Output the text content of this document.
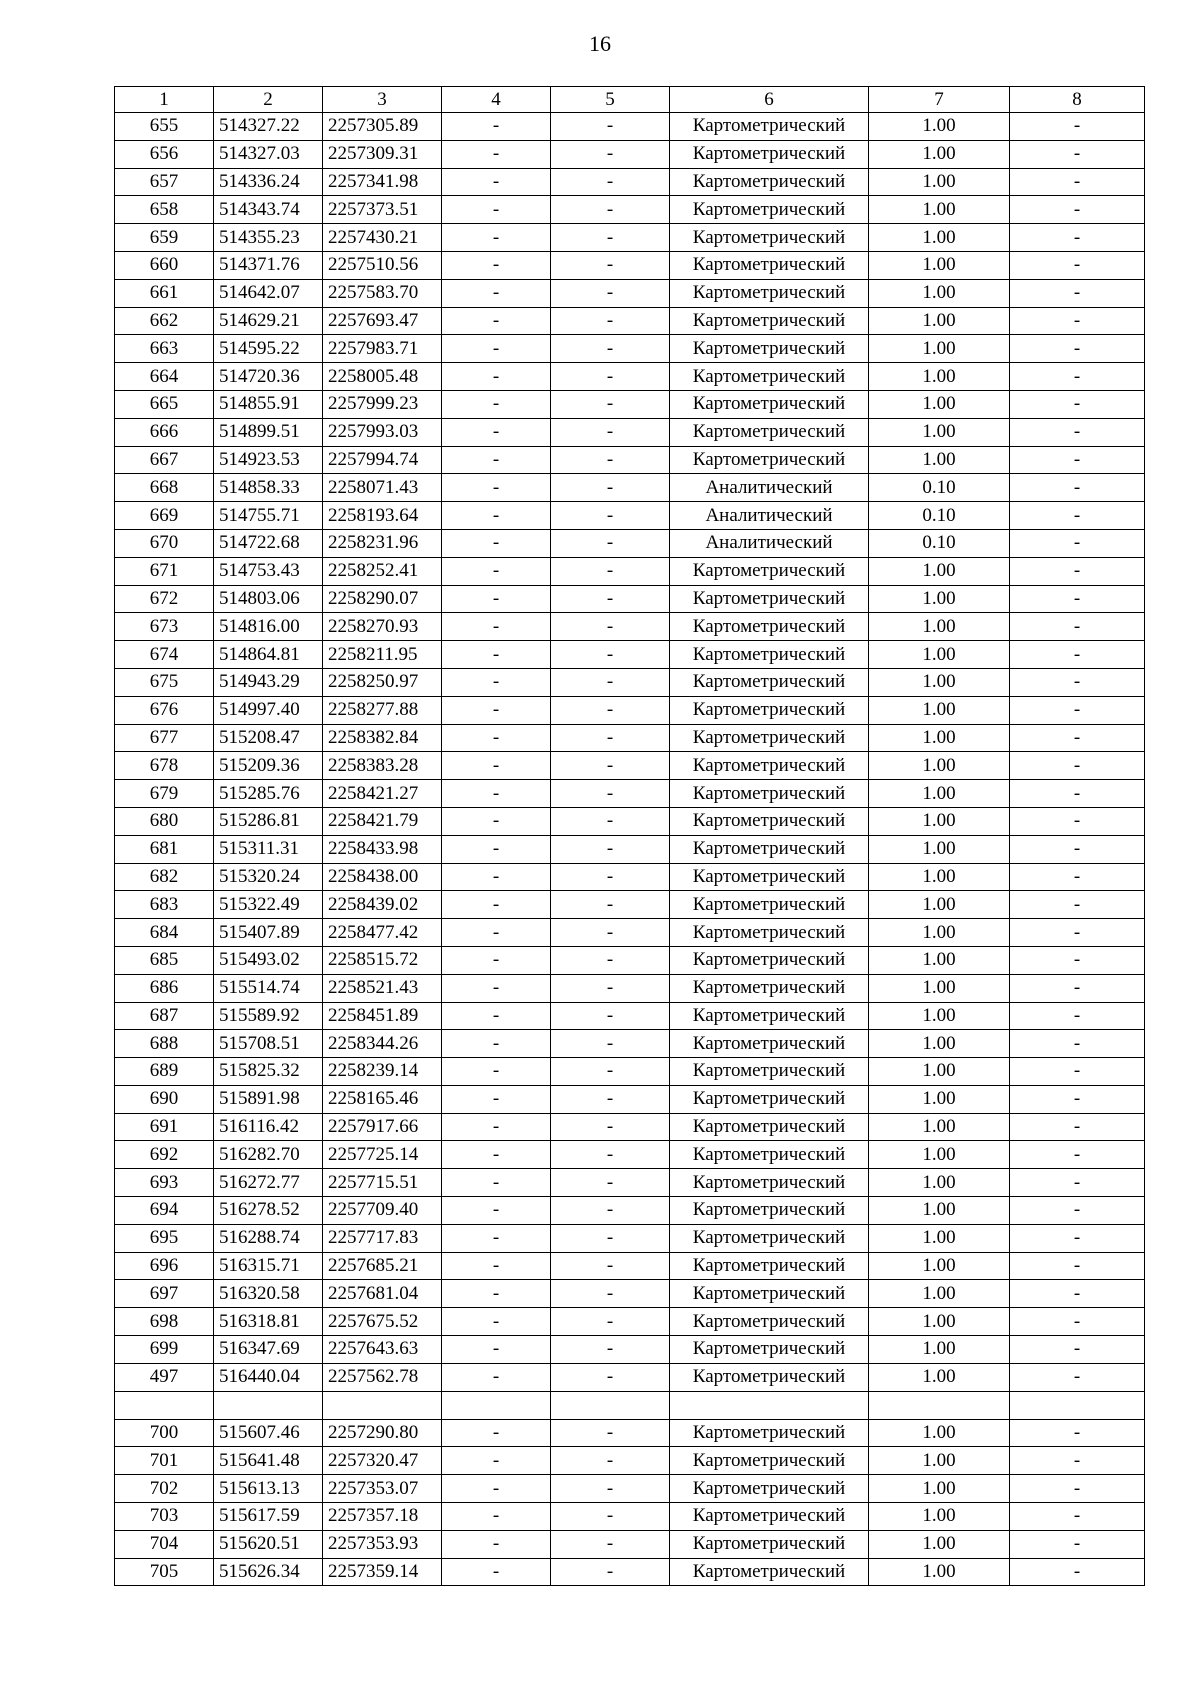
16
1	2	3	4	5	6	7	8
655	514327.22	2257305.89	-	-	Картометрический	1.00	-
656	514327.03	2257309.31	-	-	Картометрический	1.00	-
657	514336.24	2257341.98	-	-	Картометрический	1.00	-
658	514343.74	2257373.51	-	-	Картометрический	1.00	-
659	514355.23	2257430.21	-	-	Картометрический	1.00	-
660	514371.76	2257510.56	-	-	Картометрический	1.00	-
661	514642.07	2257583.70	-	-	Картометрический	1.00	-
662	514629.21	2257693.47	-	-	Картометрический	1.00	-
663	514595.22	2257983.71	-	-	Картометрический	1.00	-
664	514720.36	2258005.48	-	-	Картометрический	1.00	-
665	514855.91	2257999.23	-	-	Картометрический	1.00	-
666	514899.51	2257993.03	-	-	Картометрический	1.00	-
667	514923.53	2257994.74	-	-	Картометрический	1.00	-
668	514858.33	2258071.43	-	-	Аналитический	0.10	-
669	514755.71	2258193.64	-	-	Аналитический	0.10	-
670	514722.68	2258231.96	-	-	Аналитический	0.10	-
671	514753.43	2258252.41	-	-	Картометрический	1.00	-
672	514803.06	2258290.07	-	-	Картометрический	1.00	-
673	514816.00	2258270.93	-	-	Картометрический	1.00	-
674	514864.81	2258211.95	-	-	Картометрический	1.00	-
675	514943.29	2258250.97	-	-	Картометрический	1.00	-
676	514997.40	2258277.88	-	-	Картометрический	1.00	-
677	515208.47	2258382.84	-	-	Картометрический	1.00	-
678	515209.36	2258383.28	-	-	Картометрический	1.00	-
679	515285.76	2258421.27	-	-	Картометрический	1.00	-
680	515286.81	2258421.79	-	-	Картометрический	1.00	-
681	515311.31	2258433.98	-	-	Картометрический	1.00	-
682	515320.24	2258438.00	-	-	Картометрический	1.00	-
683	515322.49	2258439.02	-	-	Картометрический	1.00	-
684	515407.89	2258477.42	-	-	Картометрический	1.00	-
685	515493.02	2258515.72	-	-	Картометрический	1.00	-
686	515514.74	2258521.43	-	-	Картометрический	1.00	-
687	515589.92	2258451.89	-	-	Картометрический	1.00	-
688	515708.51	2258344.26	-	-	Картометрический	1.00	-
689	515825.32	2258239.14	-	-	Картометрический	1.00	-
690	515891.98	2258165.46	-	-	Картометрический	1.00	-
691	516116.42	2257917.66	-	-	Картометрический	1.00	-
692	516282.70	2257725.14	-	-	Картометрический	1.00	-
693	516272.77	2257715.51	-	-	Картометрический	1.00	-
694	516278.52	2257709.40	-	-	Картометрический	1.00	-
695	516288.74	2257717.83	-	-	Картометрический	1.00	-
696	516315.71	2257685.21	-	-	Картометрический	1.00	-
697	516320.58	2257681.04	-	-	Картометрический	1.00	-
698	516318.81	2257675.52	-	-	Картометрический	1.00	-
699	516347.69	2257643.63	-	-	Картометрический	1.00	-
497	516440.04	2257562.78	-	-	Картометрический	1.00	-

700	515607.46	2257290.80	-	-	Картометрический	1.00	-
701	515641.48	2257320.47	-	-	Картометрический	1.00	-
702	515613.13	2257353.07	-	-	Картометрический	1.00	-
703	515617.59	2257357.18	-	-	Картометрический	1.00	-
704	515620.51	2257353.93	-	-	Картометрический	1.00	-
705	515626.34	2257359.14	-	-	Картометрический	1.00	-
